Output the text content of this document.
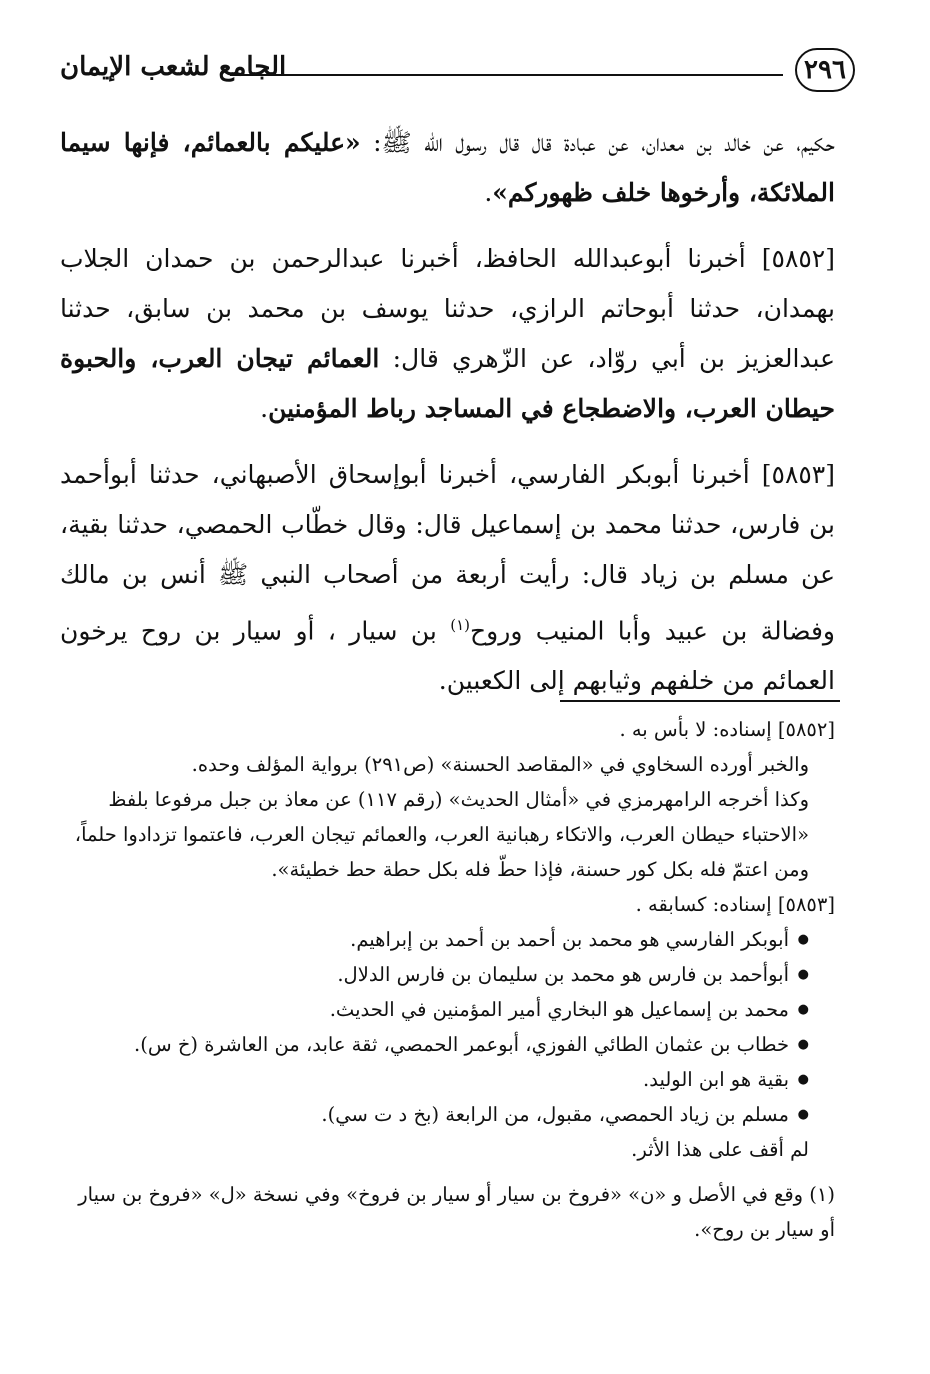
٢٩٦
الجامع لشعب الإيمان

حكيم، عن خالد بن معدان، عن عبادة قال قال رسول الله ﷺ: «عليكم بالعمائم، فإنها سيما الملائكة، وأرخوها خلف ظهوركم».

[٥٨٥٢] أخبرنا أبوعبدالله الحافظ، أخبرنا عبدالرحمن بن حمدان الجلاب بهمدان، حدثنا أبوحاتم الرازي، حدثنا يوسف بن محمد بن سابق، حدثنا عبدالعزيز بن أبي روّاد، عن الزّهري قال: العمائم تيجان العرب، والحبوة حيطان العرب، والاضطجاع في المساجد رباط المؤمنين.

[٥٨٥٣] أخبرنا أبوبكر الفارسي، أخبرنا أبوإسحاق الأصبهاني، حدثنا أبوأحمد بن فارس، حدثنا محمد بن إسماعيل قال: وقال خطّاب الحمصي، حدثنا بقية، عن مسلم بن زياد قال: رأيت أربعة من أصحاب النبي ﷺ أنس بن مالك وفضالة بن عبيد وأبا المنيب وروح$^{(١)}$ بن سيار ، أو سيار بن روح يرخون العمائم من خلفهم وثيابهم إلى الكعبين.

[٥٨٥٢] إسناده: لا بأس به .

والخبر أورده السخاوي في «المقاصد الحسنة» (ص٢٩١) برواية المؤلف وحده.

وكذا أخرجه الرامهرمزي في «أمثال الحديث» (رقم ١١٧) عن معاذ بن جبل مرفوعا بلفظ «الاحتباء حيطان العرب، والاتكاء رهبانية العرب، والعمائم تيجان العرب، فاعتموا تزدادوا حلماً، ومن اعتمّ فله بكل كور حسنة، فإذا حطّ فله بكل حطة حط خطيئة».

[٥٨٥٣] إسناده: كسابقه .

● أبوبكر الفارسي هو محمد بن أحمد بن أحمد بن إبراهيم.
● أبوأحمد بن فارس هو محمد بن سليمان بن فارس الدلال.
● محمد بن إسماعيل هو البخاري أمير المؤمنين في الحديث.
● خطاب بن عثمان الطائي الفوزي، أبوعمر الحمصي، ثقة عابد، من العاشرة (خ س).
● بقية هو ابن الوليد.
● مسلم بن زياد الحمصي، مقبول، من الرابعة (بخ د ت سي).

لم أقف على هذا الأثر.

(١) وقع في الأصل و «ن» «فروخ بن سيار أو سيار بن فروخ» وفي نسخة «ل» «فروخ بن سيار أو سيار بن روح».
